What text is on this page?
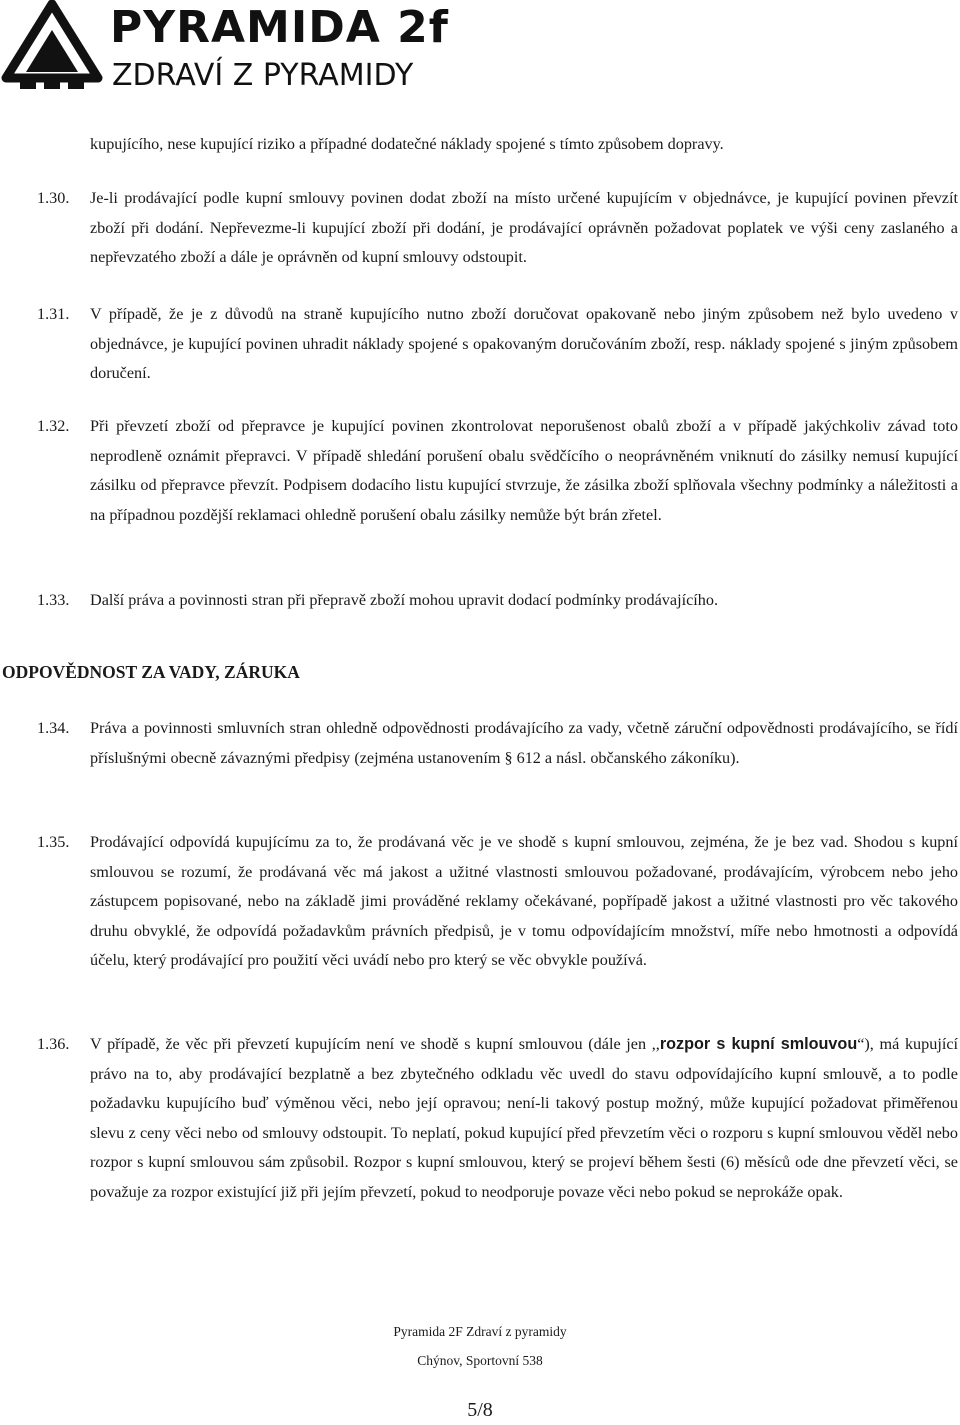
PYRAMIDA 2f
ZDRAVÍ Z PYRAMIDY
kupujícího, nese kupující riziko a případné dodatečné náklady spojené s tímto způsobem dopravy.
1.30.	Je-li prodávající podle kupní smlouvy povinen dodat zboží na místo určené kupujícím v objednávce, je kupující povinen převzít zboží při dodání. Nepřevezme-li kupující zboží při dodání, je prodávající oprávněn požadovat poplatek ve výši ceny zaslaného a nepřevzatého zboží a dále je oprávněn od kupní smlouvy odstoupit.
1.31.	V případě, že je z důvodů na straně kupujícího nutno zboží doručovat opakovaně nebo jiným způsobem než bylo uvedeno v objednávce, je kupující povinen uhradit náklady spojené s opakovaným doručováním zboží, resp. náklady spojené s jiným způsobem doručení.
1.32.	Při převzetí zboží od přepravce je kupující povinen zkontrolovat neporušenost obalů zboží a v případě jakýchkoliv závad toto neprodleně oznámit přepravci. V případě shledání porušení obalu svědčícího o neoprávněném vniknutí do zásilky nemusí kupující zásilku od přepravce převzít. Podpisem dodacího listu kupující stvrzuje, že zásilka zboží splňovala všechny podmínky a náležitosti a na případnou pozdější reklamaci ohledně porušení obalu zásilky nemůže být brán zřetel.
1.33.	Další práva a povinnosti stran při přepravě zboží mohou upravit dodací podmínky prodávajícího.
ODPOVĚDNOST ZA VADY, ZÁRUKA
1.34.	Práva a povinnosti smluvních stran ohledně odpovědnosti prodávajícího za vady, včetně záruční odpovědnosti prodávajícího, se řídí příslušnými obecně závaznými předpisy (zejména ustanovením § 612 a násl. občanského zákoníku).
1.35.	Prodávající odpovídá kupujícímu za to, že prodávaná věc je ve shodě s kupní smlouvou, zejména, že je bez vad. Shodou s kupní smlouvou se rozumí, že prodávaná věc má jakost a užitné vlastnosti smlouvou požadované, prodávajícím, výrobcem nebo jeho zástupcem popisované, nebo na základě jimi prováděné reklamy očekávané, popřípadě jakost a užitné vlastnosti pro věc takového druhu obvyklé, že odpovídá požadavkům právních předpisů, je v tomu odpovídajícím množství, míře nebo hmotnosti a odpovídá účelu, který prodávající pro použití věci uvádí nebo pro který se věc obvykle používá.
1.36.	V případě, že věc při převzetí kupujícím není ve shodě s kupní smlouvou (dále jen ,,rozpor s kupní smlouvou“), má kupující právo na to, aby prodávající bezplatně a bez zbytečného odkladu věc uvedl do stavu odpovídajícího kupní smlouvě, a to podle požadavku kupujícího buď výměnou věci, nebo její opravou; není-li takový postup možný, může kupující požadovat přiměřenou slevu z ceny věci nebo od smlouvy odstoupit. To neplatí, pokud kupující před převzetím věci o rozporu s kupní smlouvou věděl nebo rozpor s kupní smlouvou sám způsobil. Rozpor s kupní smlouvou, který se projeví během šesti (6) měsíců ode dne převzetí věci, se považuje za rozpor existující již při jejím převzetí, pokud to neodporuje povaze věci nebo pokud se neprokáže opak.
Pyramida 2F Zdraví z pyramidy
Chýnov, Sportovní 538
5/8
